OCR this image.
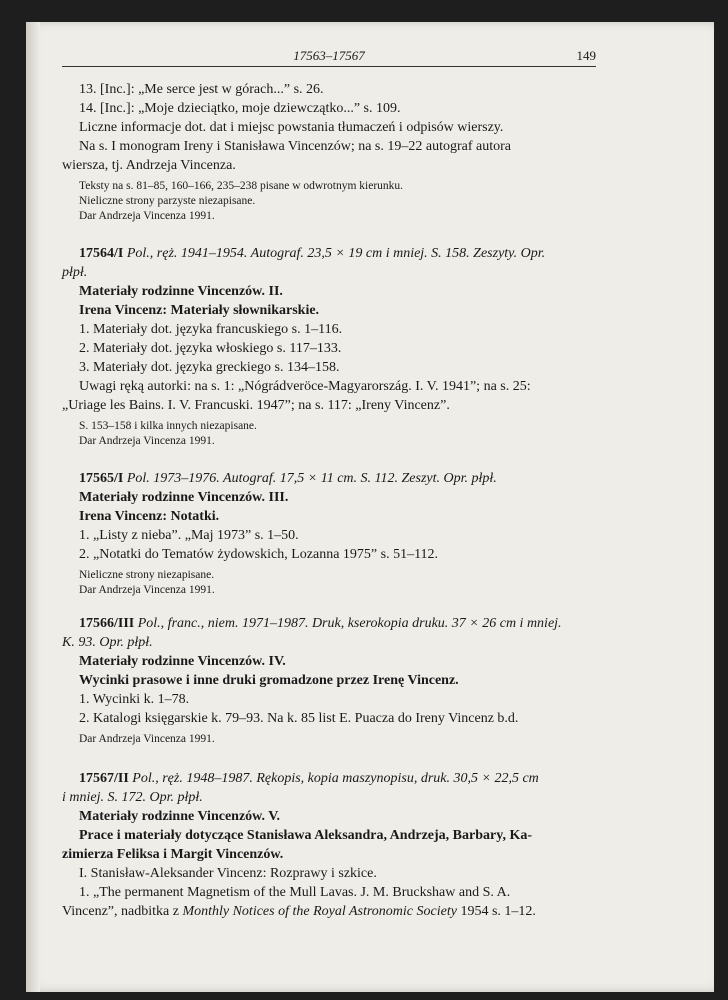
17563–17567	149

13. [Inc.]: „Me serce jest w górach...” s. 26.

14. [Inc.]: „Moje dzieciątko, moje dziewczątko...” s. 109.

Liczne informacje dot. dat i miejsc powstania tłumaczeń i odpisów wierszy.

Na s. I monogram Ireny i Stanisława Vincenzów; na s. 19–22 autograf autora

wiersza, tj. Andrzeja Vincenza.

Teksty na s. 81–85, 160–166, 235–238 pisane w odwrotnym kierunku.

Nieliczne strony parzyste niezapisane.

Dar Andrzeja Vincenza 1991.

17564/I Pol., ręż. 1941–1954. Autograf. 23,5 × 19 cm i mniej. S. 158. Zeszyty. Opr.

płpł.

Materiały rodzinne Vincenzów. II.

Irena Vincenz: Materiały słownikarskie.

1. Materiały dot. języka francuskiego s. 1–116.

2. Materiały dot. języka włoskiego s. 117–133.

3. Materiały dot. języka greckiego s. 134–158.

Uwagi ręką autorki: na s. 1: „Nógrádveröce-Magyarország. I. V. 1941”; na s. 25:

„Uriage les Bains. I. V. Francuski. 1947”; na s. 117: „Ireny Vincenz”.

S. 153–158 i kilka innych niezapisane.

Dar Andrzeja Vincenza 1991.

17565/I Pol. 1973–1976. Autograf. 17,5 × 11 cm. S. 112. Zeszyt. Opr. płpł.

Materiały rodzinne Vincenzów. III.

Irena Vincenz: Notatki.

1. „Listy z nieba”. „Maj 1973” s. 1–50.

2. „Notatki do Tematów żydowskich, Lozanna 1975” s. 51–112.

Nieliczne strony niezapisane.

Dar Andrzeja Vincenza 1991.

17566/III Pol., franc., niem. 1971–1987. Druk, kserokopia druku. 37 × 26 cm i mniej.

K. 93. Opr. płpł.

Materiały rodzinne Vincenzów. IV.

Wycinki prasowe i inne druki gromadzone przez Irenę Vincenz.

1. Wycinki k. 1–78.

2. Katalogi księgarskie k. 79–93. Na k. 85 list E. Puacza do Ireny Vincenz b.d.

Dar Andrzeja Vincenza 1991.

17567/II Pol., ręż. 1948–1987. Rękopis, kopia maszynopisu, druk. 30,5 × 22,5 cm

i mniej. S. 172. Opr. płpł.

Materiały rodzinne Vincenzów. V.

Prace i materiały dotyczące Stanisława Aleksandra, Andrzeja, Barbary, Ka-

zimierza Feliksa i Margit Vincenzów.

I. Stanisław-Aleksander Vincenz: Rozprawy i szkice.

1. „The permanent Magnetism of the Mull Lavas. J. M. Bruckshaw and S. A.

Vincenz”, nadbitka z Monthly Notices of the Royal Astronomic Society 1954 s. 1–12.
